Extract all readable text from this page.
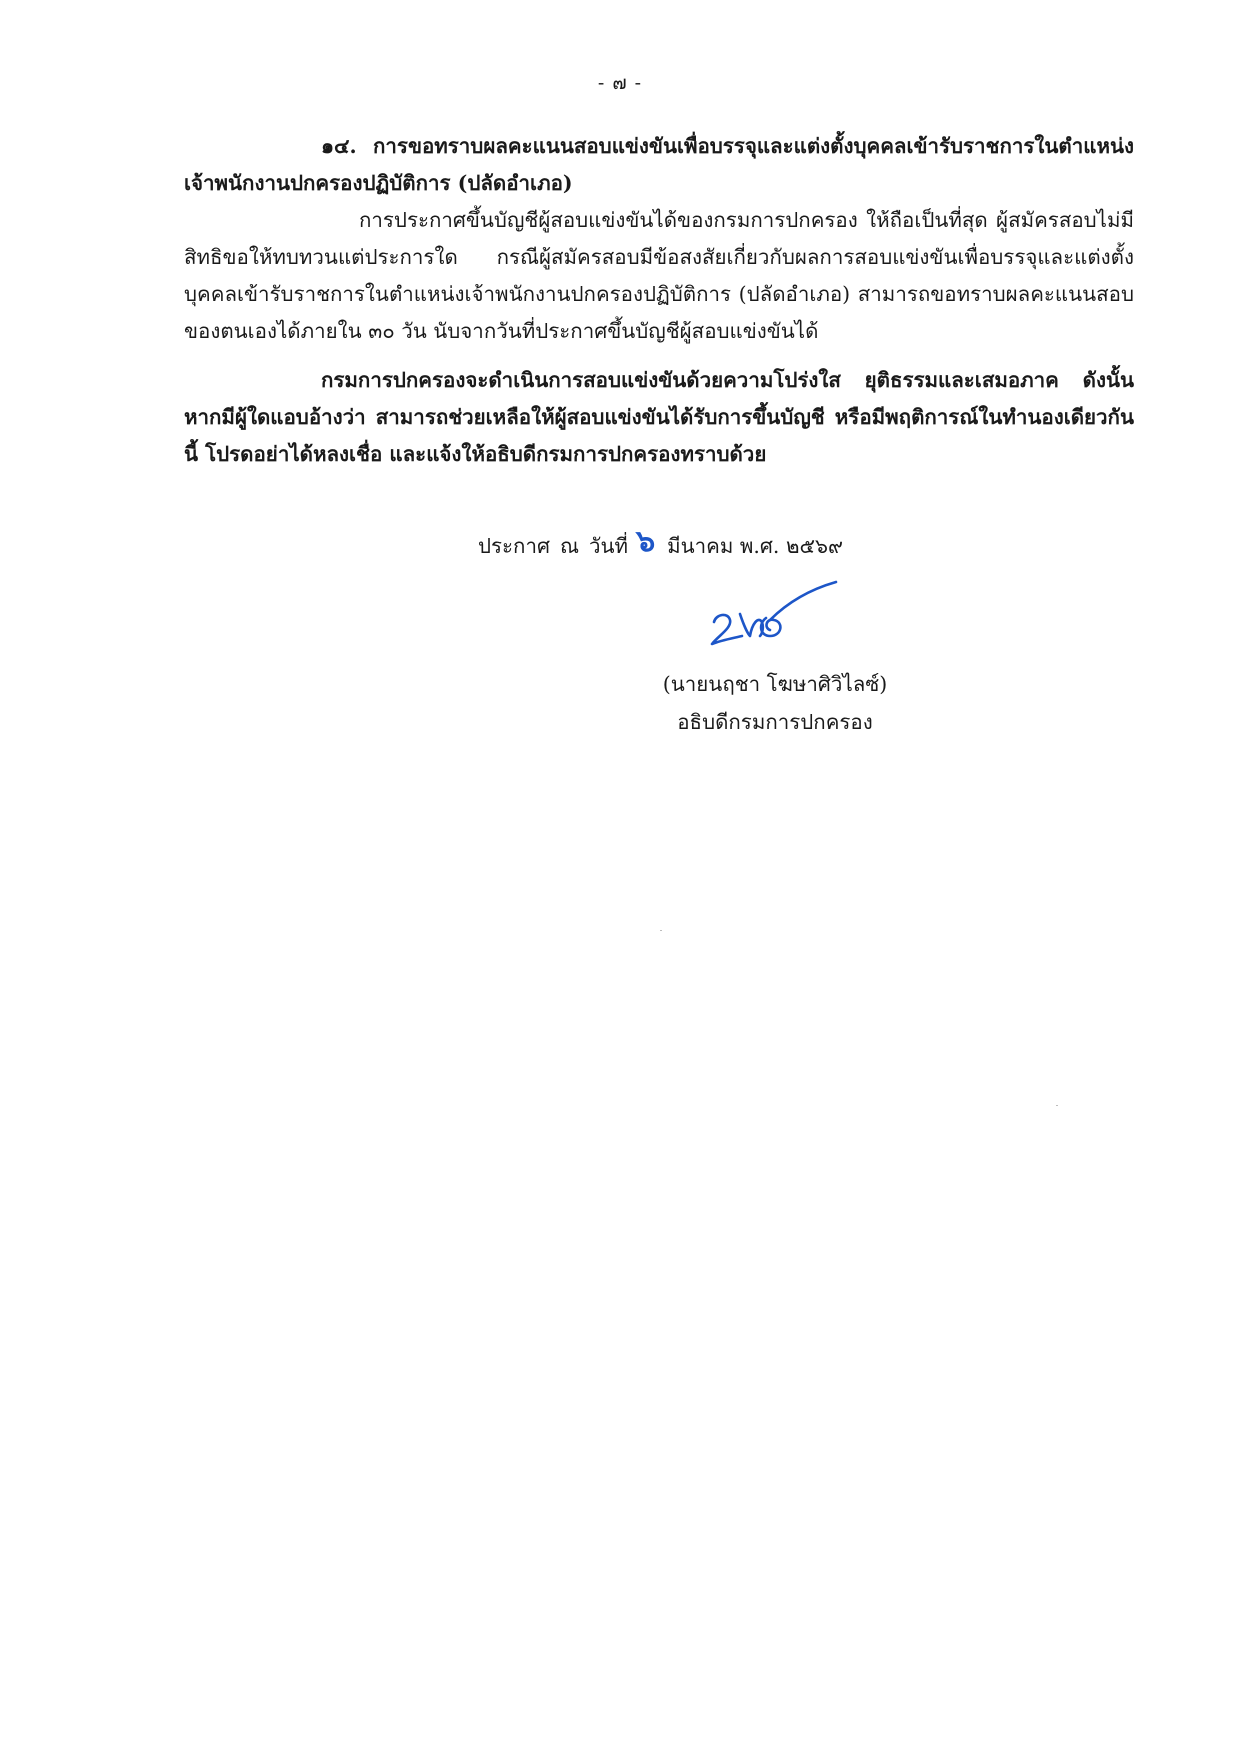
- ๗ -

๑๔. การขอทราบผลคะแนนสอบแข่งขันเพื่อบรรจุและแต่งตั้งบุคคลเข้ารับราชการในตำแหน่ง
เจ้าพนักงานปกครองปฏิบัติการ (ปลัดอำเภอ)

การประกาศขึ้นบัญชีผู้สอบแข่งขันได้ของกรมการปกครอง ให้ถือเป็นที่สุด ผู้สมัครสอบไม่มีสิทธิขอให้ทบทวนแต่ประการใด กรณีผู้สมัครสอบมีข้อสงสัยเกี่ยวกับผลการสอบแข่งขันเพื่อบรรจุและแต่งตั้งบุคคลเข้ารับราชการในตำแหน่งเจ้าพนักงานปกครองปฏิบัติการ (ปลัดอำเภอ) สามารถขอทราบผลคะแนนสอบของตนเองได้ภายใน ๓๐ วัน นับจากวันที่ประกาศขึ้นบัญชีผู้สอบแข่งขันได้

กรมการปกครองจะดำเนินการสอบแข่งขันด้วยความโปร่งใส ยุติธรรมและเสมอภาค ดังนั้น หากมีผู้ใดแอบอ้างว่า สามารถช่วยเหลือให้ผู้สอบแข่งขันได้รับการขึ้นบัญชี หรือมีพฤติการณ์ในทำนองเดียวกันนี้ โปรดอย่าได้หลงเชื่อ และแจ้งให้อธิบดีกรมการปกครองทราบด้วย

ประกาศ ณ วันที่ ๖ มีนาคม พ.ศ. ๒๕๖๙
(นายนฤชา โฆษาศิวิไลซ์)
อธิบดีกรมการปกครอง
